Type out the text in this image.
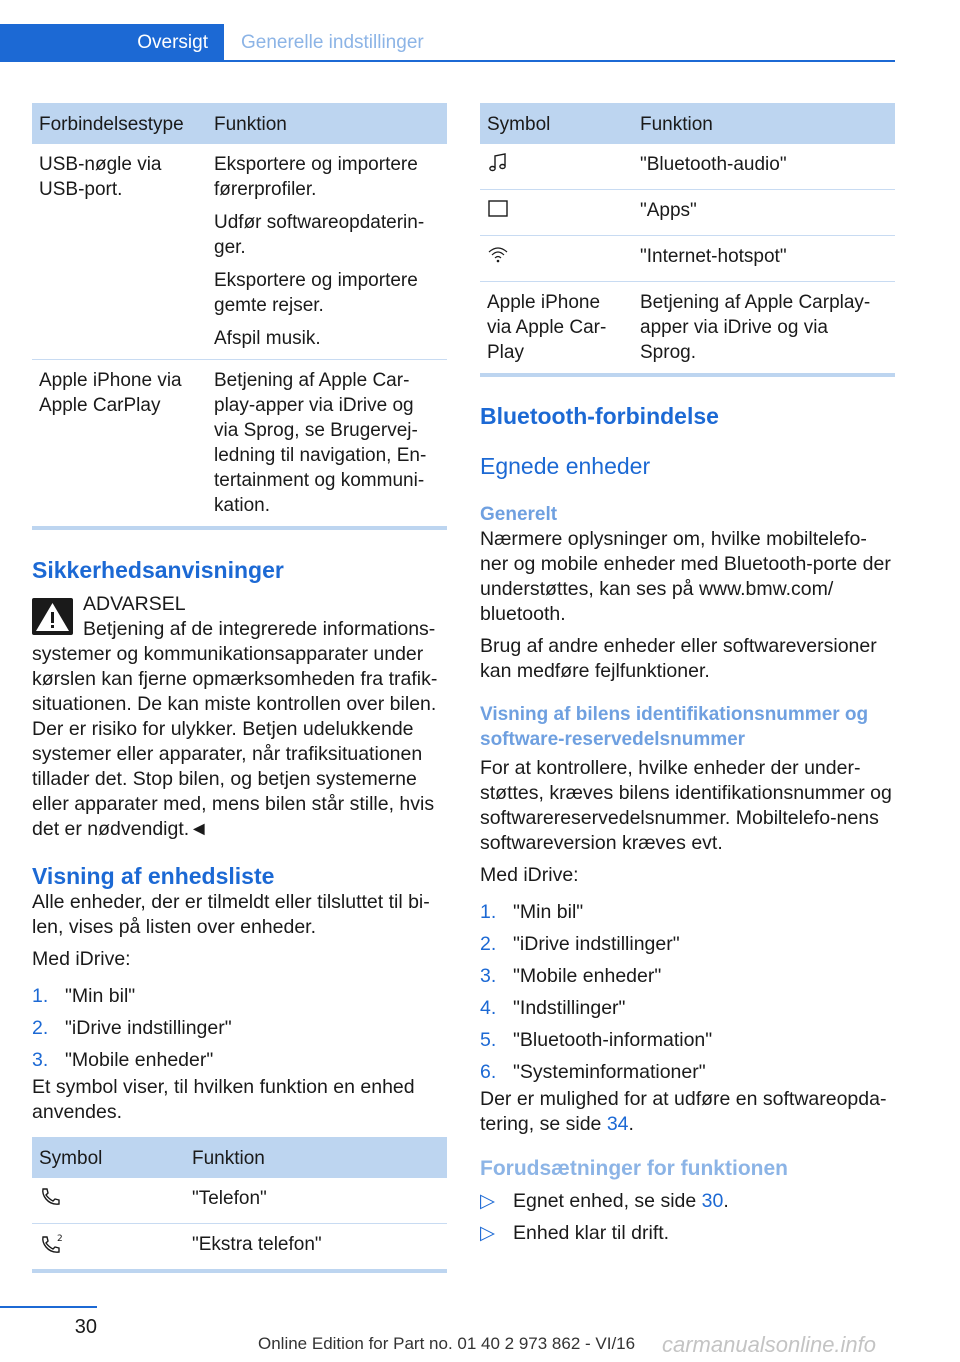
Oversigt	Generelle indstillinger
Forbindelsestype	Funktion
USB-nøgle via USB-port.	Eksportere og importere førerprofiler.
Udfør softwareopdaterin-ger.
Eksportere og importere gemte rejser.
Afspil musik.

Apple iPhone via Apple CarPlay	Betjening af Apple Car-play-apper via iDrive og via Sprog, se Brugervej-ledning til navigation, En-tertainment og kommuni-kation.
Sikkerhedsanvisninger
ADVARSEL
Betjening af de integrerede informations-
systemer og kommunikationsapparater under kørslen kan fjerne opmærksomheden fra trafik-situationen. De kan miste kontrollen over bilen. Der er risiko for ulykker. Betjen udelukkende systemer eller apparater, når trafiksituationen tillader det. Stop bilen, og betjen systemerne eller apparater med, mens bilen står stille, hvis det er nødvendigt.◄
Visning af enhedsliste

Alle enheder, der er tilmeldt eller tilsluttet til bi-len, vises på listen over enheder.

Med iDrive:

1. "Min bil"
2. "iDrive indstillinger"
3. "Mobile enheder"

Et symbol viser, til hvilken funktion en enhed anvendes.

Symbol	Funktion
	"Telefon"

2	"Ekstra telefon"
Symbol	Funktion
	"Bluetooth-audio"
	"Apps"
	"Internet-hotspot"
Apple iPhone via Apple Car-Play	Betjening af Apple Carplay-apper via iDrive og via Sprog.
Bluetooth-forbindelse
Egnede enheder
Generelt

Nærmere oplysninger om, hvilke mobiltelefo-ner og mobile enheder med Bluetooth-porte der understøttes, kan ses på www.bmw.com/ bluetooth.

Brug af andre enheder eller softwareversioner kan medføre fejlfunktioner.

Visning af bilens identifikationsnummer og software-reservedelsnummer

For at kontrollere, hvilke enheder der under-støttes, kræves bilens identifikationsnummer og softwarereservedelsnummer. Mobiltelefo-nens softwareversion kræves evt.

Med iDrive:

1. "Min bil"
2. "iDrive indstillinger"
3. "Mobile enheder"
4. "Indstillinger"
5. "Bluetooth-information"
6. "Systeminformationer"

Der er mulighed for at udføre en softwareopda-tering, se side 34.

Forudsætninger for funktionen
▷ Egnet enhed, se side 30.
▷ Enhed klar til drift.
30
Online Edition for Part no. 01 40 2 973 862 - VI/16 carmanualsonline.info
